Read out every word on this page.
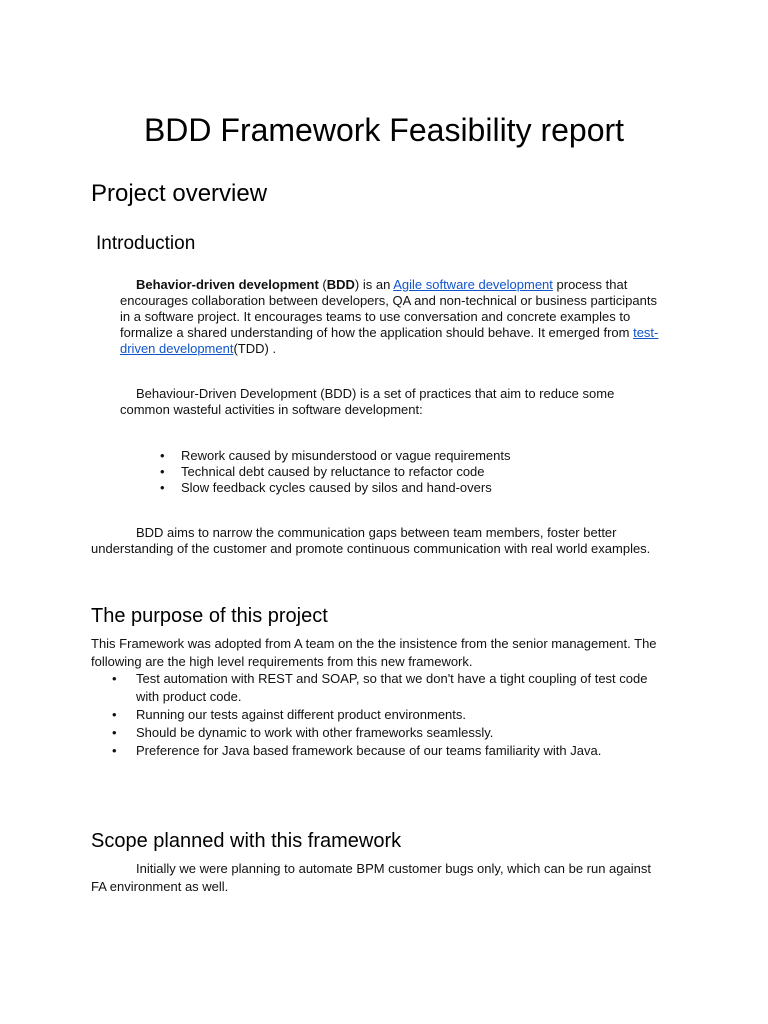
BDD Framework Feasibility report
Project overview
Introduction
Behavior-driven development (BDD) is an Agile software development process that encourages collaboration between developers, QA and non-technical or business participants in a software project. It encourages teams to use conversation and concrete examples to formalize a shared understanding of how the application should behave. It emerged from test-driven development(TDD) .
Behaviour-Driven Development (BDD) is a set of practices that aim to reduce some common wasteful activities in software development:
• Rework caused by misunderstood or vague requirements
• Technical debt caused by reluctance to refactor code
• Slow feedback cycles caused by silos and hand-overs
BDD aims to narrow the communication gaps between team members, foster better understanding of the customer and promote continuous communication with real world examples.
The purpose of this project
This Framework was adopted from A team on the the insistence from the senior management. The following are the high level requirements from this new framework.
• Test automation with REST and SOAP, so that we don't have a tight coupling of test code with product code.
• Running our tests against different product environments.
• Should be dynamic to work with other frameworks seamlessly.
• Preference for Java based framework because of our teams familiarity with Java.
Scope planned with this framework
Initially we were planning to automate BPM customer bugs only, which can be run against FA environment as well.
